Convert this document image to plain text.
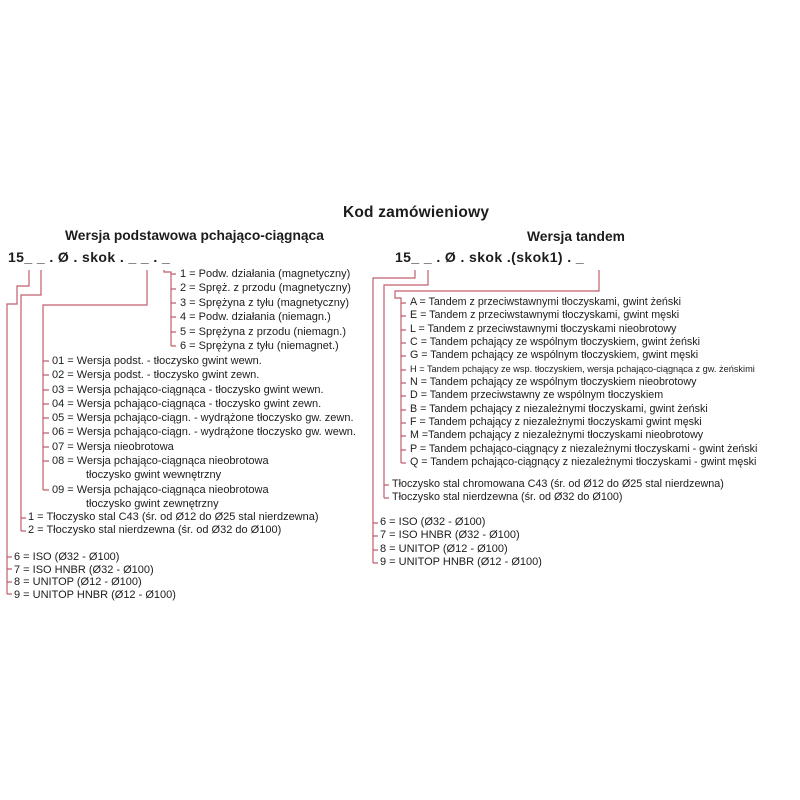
Kod zamówieniowy
Wersja podstawowa pchająco-ciągnąca	Wersja tandem
15_ _ . Ø . skok . _ _ . _	15_ _ . Ø . skok .(skok1) . _
1 = Podw. działania (magnetyczny)
2 = Spręż. z przodu (magnetyczny)
3 = Sprężyna z tyłu (magnetyczny)
4 = Podw. działania (niemagn.)
5 = Sprężyna z przodu (niemagn.)
6 = Sprężyna z tyłu (niemagnet.)
01 = Wersja podst. - tłoczysko gwint wewn.
02 = Wersja podst. - tłoczysko gwint zewn.
03 = Wersja pchająco-ciągnąca - tłoczysko gwint wewn.
04 = Wersja pchająco-ciągnąca - tłoczysko gwint zewn.
05 = Wersja pchająco-ciągn. - wydrążone tłoczysko gw. zewn.
06 = Wersja pchająco-ciągn. - wydrążone tłoczysko gw. wewn.
07 = Wersja nieobrotowa
08 = Wersja pchająco-ciągnąca nieobrotowa
tłoczysko gwint wewnętrzny
09 = Wersja pchająco-ciągnąca nieobrotowa
tłoczysko gwint zewnętrzny
1 = Tłoczysko stal C43 (śr. od Ø12 do Ø25 stal nierdzewna)
2 = Tłoczysko stal nierdzewna (śr. od Ø32 do Ø100)
6 = ISO (Ø32 - Ø100)
7 = ISO HNBR (Ø32 - Ø100)
8 = UNITOP (Ø12 - Ø100)
9 = UNITOP HNBR (Ø12 - Ø100)
A = Tandem z przeciwstawnymi tłoczyskami, gwint żeński
E = Tandem z przeciwstawnymi tłoczyskami, gwint męski
L = Tandem z przeciwstawnymi tłoczyskami nieobrotowy
C = Tandem pchający ze wspólnym tłoczyskiem, gwint żeński
G = Tandem pchający ze wspólnym tłoczyskiem, gwint męski
H = Tandem pchający ze wsp. tłoczyskiem, wersja pchająco-ciągnąca z gw. żeńskimi
N = Tandem pchający ze wspólnym tłoczyskiem nieobrotowy
D = Tandem przeciwstawny ze wspólnym tłoczyskiem
B = Tandem pchający z niezależnymi tłoczyskami, gwint żeński
F = Tandem pchający z niezależnymi tłoczyskami gwint męski
M =Tandem pchający z niezależnymi tłoczyskami nieobrotowy
P = Tandem pchająco-ciągnący z niezależnymi tłoczyskami - gwint żeński
Q = Tandem pchająco-ciągnący z niezależnymi tłoczyskami - gwint męski
Tłoczysko stal chromowana C43 (śr. od Ø12 do Ø25 stal nierdzewna)
Tłoczysko stal nierdzewna (śr. od Ø32 do Ø100)
6 = ISO (Ø32 - Ø100)
7 = ISO HNBR (Ø32 - Ø100)
8 = UNITOP (Ø12 - Ø100)
9 = UNITOP HNBR (Ø12 - Ø100)
